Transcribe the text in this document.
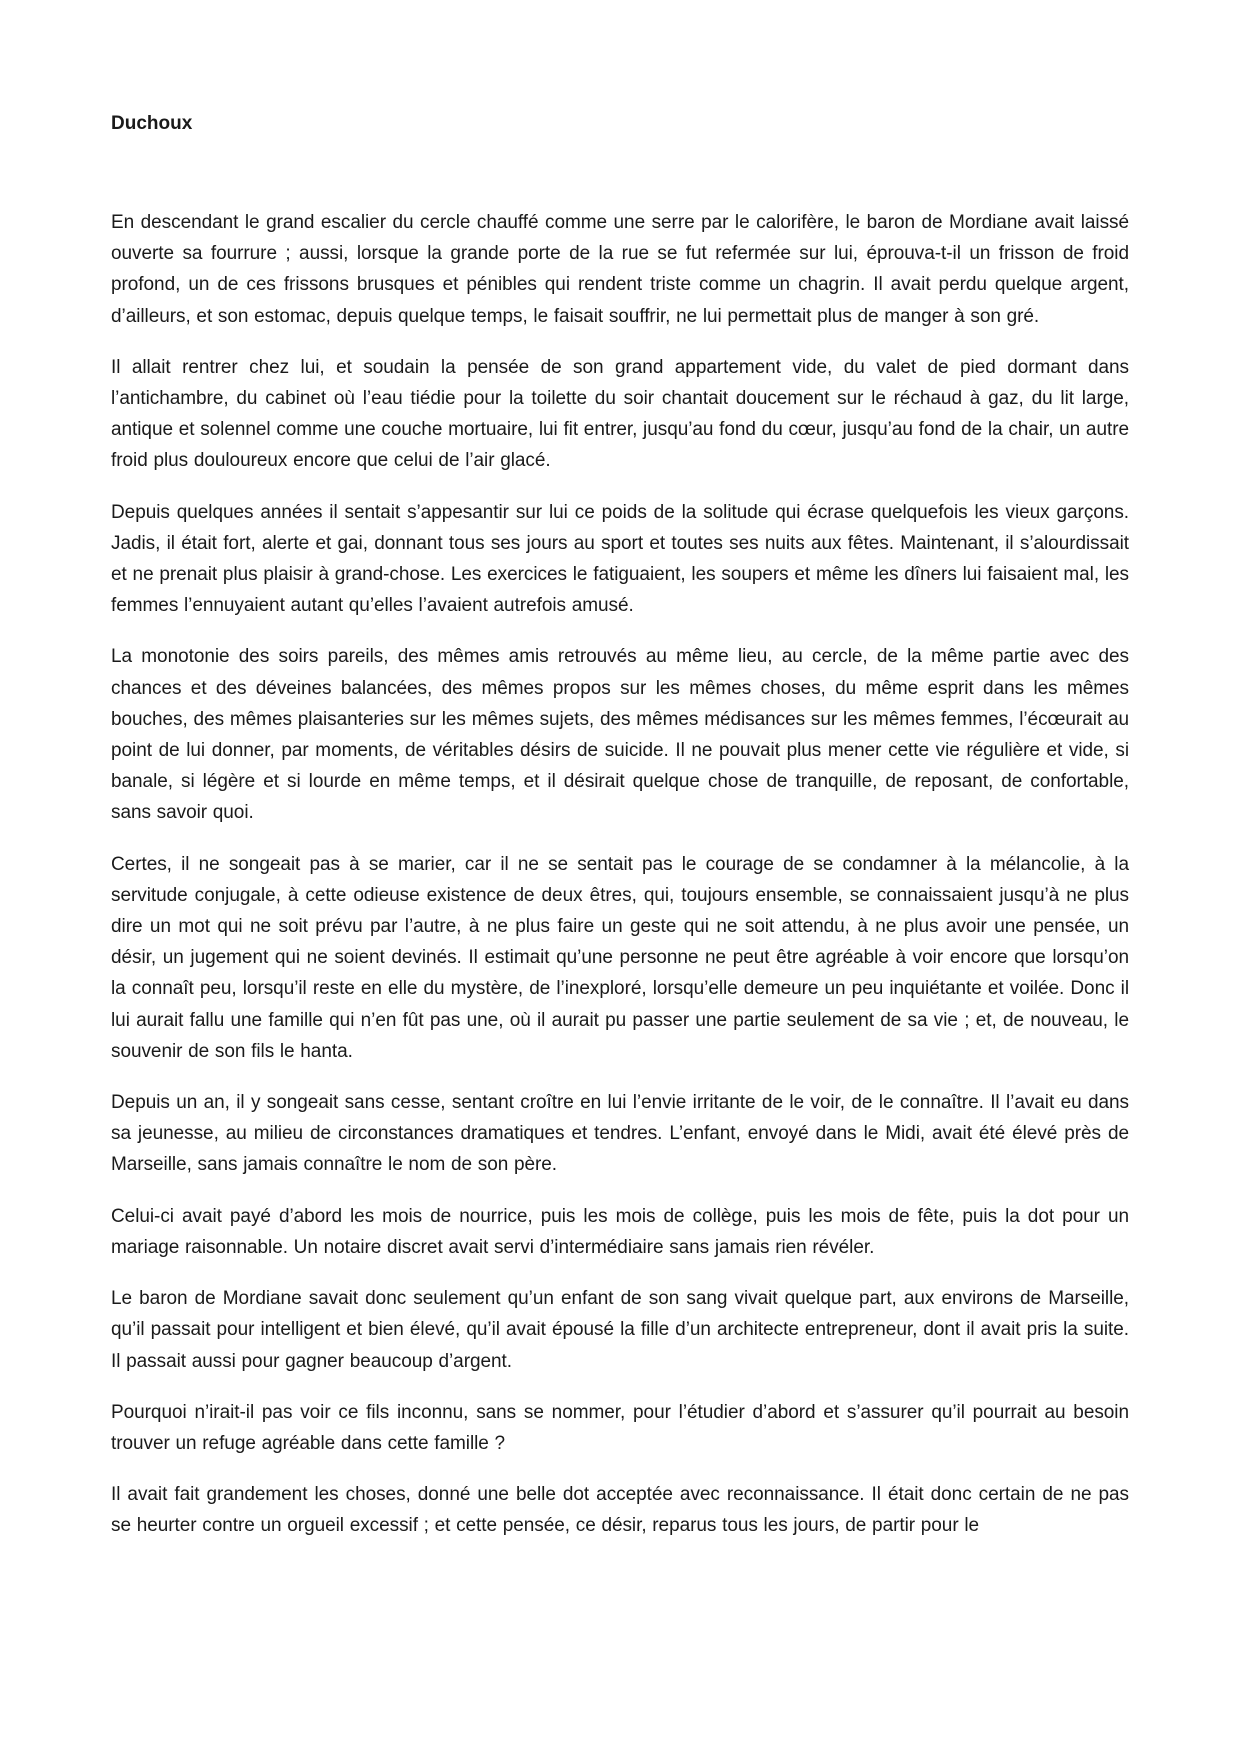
Duchoux

En descendant le grand escalier du cercle chauffé comme une serre par le calorifère, le baron de Mordiane avait laissé ouverte sa fourrure ; aussi, lorsque la grande porte de la rue se fut refermée sur lui, éprouva-t-il un frisson de froid profond, un de ces frissons brusques et pénibles qui rendent triste comme un chagrin. Il avait perdu quelque argent, d’ailleurs, et son estomac, depuis quelque temps, le faisait souffrir, ne lui permettait plus de manger à son gré.

Il allait rentrer chez lui, et soudain la pensée de son grand appartement vide, du valet de pied dormant dans l’antichambre, du cabinet où l’eau tiédie pour la toilette du soir chantait doucement sur le réchaud à gaz, du lit large, antique et solennel comme une couche mortuaire, lui fit entrer, jusqu’au fond du cœur, jusqu’au fond de la chair, un autre froid plus douloureux encore que celui de l’air glacé.

Depuis quelques années il sentait s’appesantir sur lui ce poids de la solitude qui écrase quelquefois les vieux garçons. Jadis, il était fort, alerte et gai, donnant tous ses jours au sport et toutes ses nuits aux fêtes. Maintenant, il s’alourdissait et ne prenait plus plaisir à grand-chose. Les exercices le fatiguaient, les soupers et même les dîners lui faisaient mal, les femmes l’ennuyaient autant qu’elles l’avaient autrefois amusé.

La monotonie des soirs pareils, des mêmes amis retrouvés au même lieu, au cercle, de la même partie avec des chances et des déveines balancées, des mêmes propos sur les mêmes choses, du même esprit dans les mêmes bouches, des mêmes plaisanteries sur les mêmes sujets, des mêmes médisances sur les mêmes femmes, l’écœurait au point de lui donner, par moments, de véritables désirs de suicide. Il ne pouvait plus mener cette vie régulière et vide, si banale, si légère et si lourde en même temps, et il désirait quelque chose de tranquille, de reposant, de confortable, sans savoir quoi.

Certes, il ne songeait pas à se marier, car il ne se sentait pas le courage de se condamner à la mélancolie, à la servitude conjugale, à cette odieuse existence de deux êtres, qui, toujours ensemble, se connaissaient jusqu’à ne plus dire un mot qui ne soit prévu par l’autre, à ne plus faire un geste qui ne soit attendu, à ne plus avoir une pensée, un désir, un jugement qui ne soient devinés. Il estimait qu’une personne ne peut être agréable à voir encore que lorsqu’on la connaît peu, lorsqu’il reste en elle du mystère, de l’inexploré, lorsqu’elle demeure un peu inquiétante et voilée. Donc il lui aurait fallu une famille qui n’en fût pas une, où il aurait pu passer une partie seulement de sa vie ; et, de nouveau, le souvenir de son fils le hanta.

Depuis un an, il y songeait sans cesse, sentant croître en lui l’envie irritante de le voir, de le connaître. Il l’avait eu dans sa jeunesse, au milieu de circonstances dramatiques et tendres. L’enfant, envoyé dans le Midi, avait été élevé près de Marseille, sans jamais connaître le nom de son père.

Celui-ci avait payé d’abord les mois de nourrice, puis les mois de collège, puis les mois de fête, puis la dot pour un mariage raisonnable. Un notaire discret avait servi d’intermédiaire sans jamais rien révéler.

Le baron de Mordiane savait donc seulement qu’un enfant de son sang vivait quelque part, aux environs de Marseille, qu’il passait pour intelligent et bien élevé, qu’il avait épousé la fille d’un architecte entrepreneur, dont il avait pris la suite. Il passait aussi pour gagner beaucoup d’argent.

Pourquoi n’irait-il pas voir ce fils inconnu, sans se nommer, pour l’étudier d’abord et s’assurer qu’il pourrait au besoin trouver un refuge agréable dans cette famille ?

Il avait fait grandement les choses, donné une belle dot acceptée avec reconnaissance. Il était donc certain de ne pas se heurter contre un orgueil excessif ; et cette pensée, ce désir, reparus tous les jours, de partir pour le
